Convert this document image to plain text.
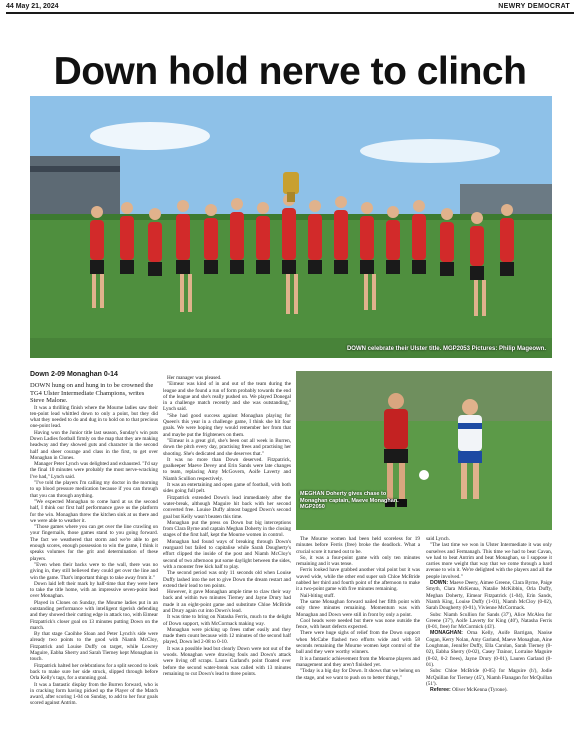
44 May 21, 2024	NEWRY DEMOCRAT
Down hold nerve to clinch
DOWN celebrate their Ulster title. MGP2053 Pictures: Philip Mageown.
Down 2-09 Monaghan 0-14

DOWN hung on and hung in to be crowned the TG4 Ulster Intermediate Champions, writes Steve Malone.

It was a thrilling finish where the Mourne ladies saw their ten-point lead whittled down to only a point, but they did what they needed to do and dug in to hold on to that precious one-point lead.

Having won the Junior title last season, Sunday's win puts Down Ladies football firmly on the map that they are making headway and they showed guts and character in the second half and sheer courage and class in the first, to get over Monaghan in Clones.

Manager Peter Lynch was delighted and exhausted. "I'd say the final 10 minutes were probably the most nerve-wracking I've had," Lynch said.

"I've told the players I'm calling my doctor in the morning to up blood pressure medication because if you can through that you can through anything.

"We expected Monaghan to come hard at us the second half, I think our first half performance gave us the platform for the win. Monaghan threw the kitchen sink at us there and we were able to weather it.

"Those games where you can get over the line crawling on your fingernails, those games stand to you going forward. The fact we weathered that storm and we're able to get enough scores, enough possession to win the game, I think it speaks volumes for the grit and determination of these players.

"Even when their backs were to the wall, there was no giving in, they still believed they could get over the line and win the game. That's important things to take away from it."

Down laid left their mark by half-time that they were here to take the title home, with an impressive seven-point lead over Monaghan.

Played in Clones on Sunday, the Mourne ladies put in an outstanding performance with intelligent tigerish defending and they showed their cutting edge in attack too, with Eimear Fitzpatrick's closer goal on 13 minutes putting Down on the march.

By that stage Caoihhe Sloan and Peter Lynch's side were already two points to the good with Niamh McCloy, Fitzpatrick and Louise Duffy on target, while Lowrey Maguire, Eabha Sherry and Sarah Tierney kept Monaghan in touch.

Fitzpatrick halted her celebrations for a split second to look back to make sure her side struck, slipped through before Orla Kelly's tags, for a stunning goal.

It was a fantastic display from the Burren forward, who is in cracking form having picked up the Player of the Match award, after scoring 1-04 on Sunday, to add to her four goals scored against Antrim.

Her manager was pleased.

"Eimear was kind of in and out of the team during the league and she found a run of form probably towards the end of the league and she's really pushed on. We played Donegal in a challenge match recently and she was outstanding," Lynch said.

"She had good success against Monaghan playing for Queen's this year in a challenge game, I think she hit four goals. We were hoping they would remember her from that and maybe put the frighteners on them.

"Eimear is a great girl, she's been out all week in Burren, down the pitch every day, practising frees and practising her shooting. She's dedicated and she deserves that."

It was no more than Down deserved. Fitzpatrick, goalkeeper Maeve Devey and Erin Sands were late changes to team, replacing Amy McGovern, Aoife Laverty and Niamh Scullion respectively.

It was an entertaining and open game of football, with both sides going full pelt.

Fitzpatrick extended Down's lead immediately after the water-break, although Maguire hit back with her second converted free. Louise Duffy almost bagged Down's second goal but Kelly wasn't beaten this time.

Monaghan put the press on Down but big interceptions from Clara Byrne and captain Meghan Doherty in the closing stages of the first half, kept the Mourne women in control.

Monaghan had found ways of breaking through Down's rearguard but failed to capitalise while Sarah Dougherty's effort clipped the inside of the post and Niamh McCloy's second of two afternoon put some daylight between the sides, with a monster free kick half to play.

The second period was only 11 seconds old when Louise Duffy lashed into the net to give Down the dream restart and extend their lead to ten points.

However, it gave Monaghan ample time to claw their way back and within two minutes Tierney and Jayne Drury had made it an eight-point game and substitute Chloe McBride and Drury again cut into Down's lead.

It was time to bring on Natasha Ferris, much to the delight of Down support, with McCormack making way.

Monaghan were picking up frees rather easily and they made them count because with 12 minutes of the second half played, Down led 2-08 to 0-10.

It was a possible lead but clearly Down were not out of the woods. Monaghan were drawing fouls and Down's attack were living off scraps. Laura Garland's point floated over before the second water-break was called with 13 minutes remaining to cut Down's lead to three points.

MEGHAN Doherty gives chase to Monaghan captain, Maeve Monaghan. MGP2050

The Mourne women had been held scoreless for 19 minutes before Ferris (free) broke the deadlock. What a crucial score it turned out to be.

So, it was a four-point game with only ten minutes remaining and it was tense.

Ferris looked have grabbed another vital point but it was waved wide, while the other end super sub Chloe McBride nabbed her third and fourth point of the afternoon to make it a two-point game with five minutes remaining.

Nail-biting stuff.

The same Monaghan forward nailed her fifth point with only three minutes remaining. Momentum was with Monaghan and Down were still in front by only a point.

Cool heads were needed but there was none outside the fence, with heart defects expected.

There were huge sighs of relief from the Down support when McCabe flashed two efforts wide and with 58 seconds remaining the Mourne women kept control of the ball and they were worthy winners.

It is a fantastic achievement from the Mourne players and management and they aren't finished yet.

"Today is a big day for Down. It shows that we belong on the stage, and we want to push on to better things,"

said Lynch.

"The last time we won in Ulster Intermediate it was only ourselves and Fermanagh. This time we had to beat Cavan, we had to beat Antrim and beat Monaghan, so I suppose it carries more weight that way that we come through a hard avenue to win it. We're delighted with the players and all the people involved."

DOWN: Maeve Deery, Aimee Greene, Clara Byrne, Paige Smyth, Clara McKenna, Natalie McKibbin, Orla Duffy, Meghan Doherty, Eimear Fitzpatrick (1-04), Erin Sands, Niamh King, Louise Duffy (1-01), Niamh McCloy (0-02), Sarah Dougherty (0-01), Vivienne McCormack.

Subs: Niamh Scullion for Sands (37'), Alice McAlea for Greene (37'), Aoife Laverty for King (40'), Natasha Ferris (0-01, free) for McCormick (43').

MONAGHAN: Orna Kelly, Aoife Barrigan, Naoise Cogan, Kerry Nolan, Amy Garland, Maeve Monaghan, Aine Loughman, Jennifer Duffy, Ella Carolan, Sarah Tierney (0-02), Eabha Sherry (0-02), Casey Trainor, Lorraine Maguire (0-02, 0-2 frees), Jayne Drury (0-01), Lauren Garland (0-01).

Subs: Chloe McBride (0-05) for Maguire (h'), Jodie McQuillan for Tierney (45'), Niamh Flanagan for McQuillan (51').

Referee: Oliver McKenna (Tyrone).
